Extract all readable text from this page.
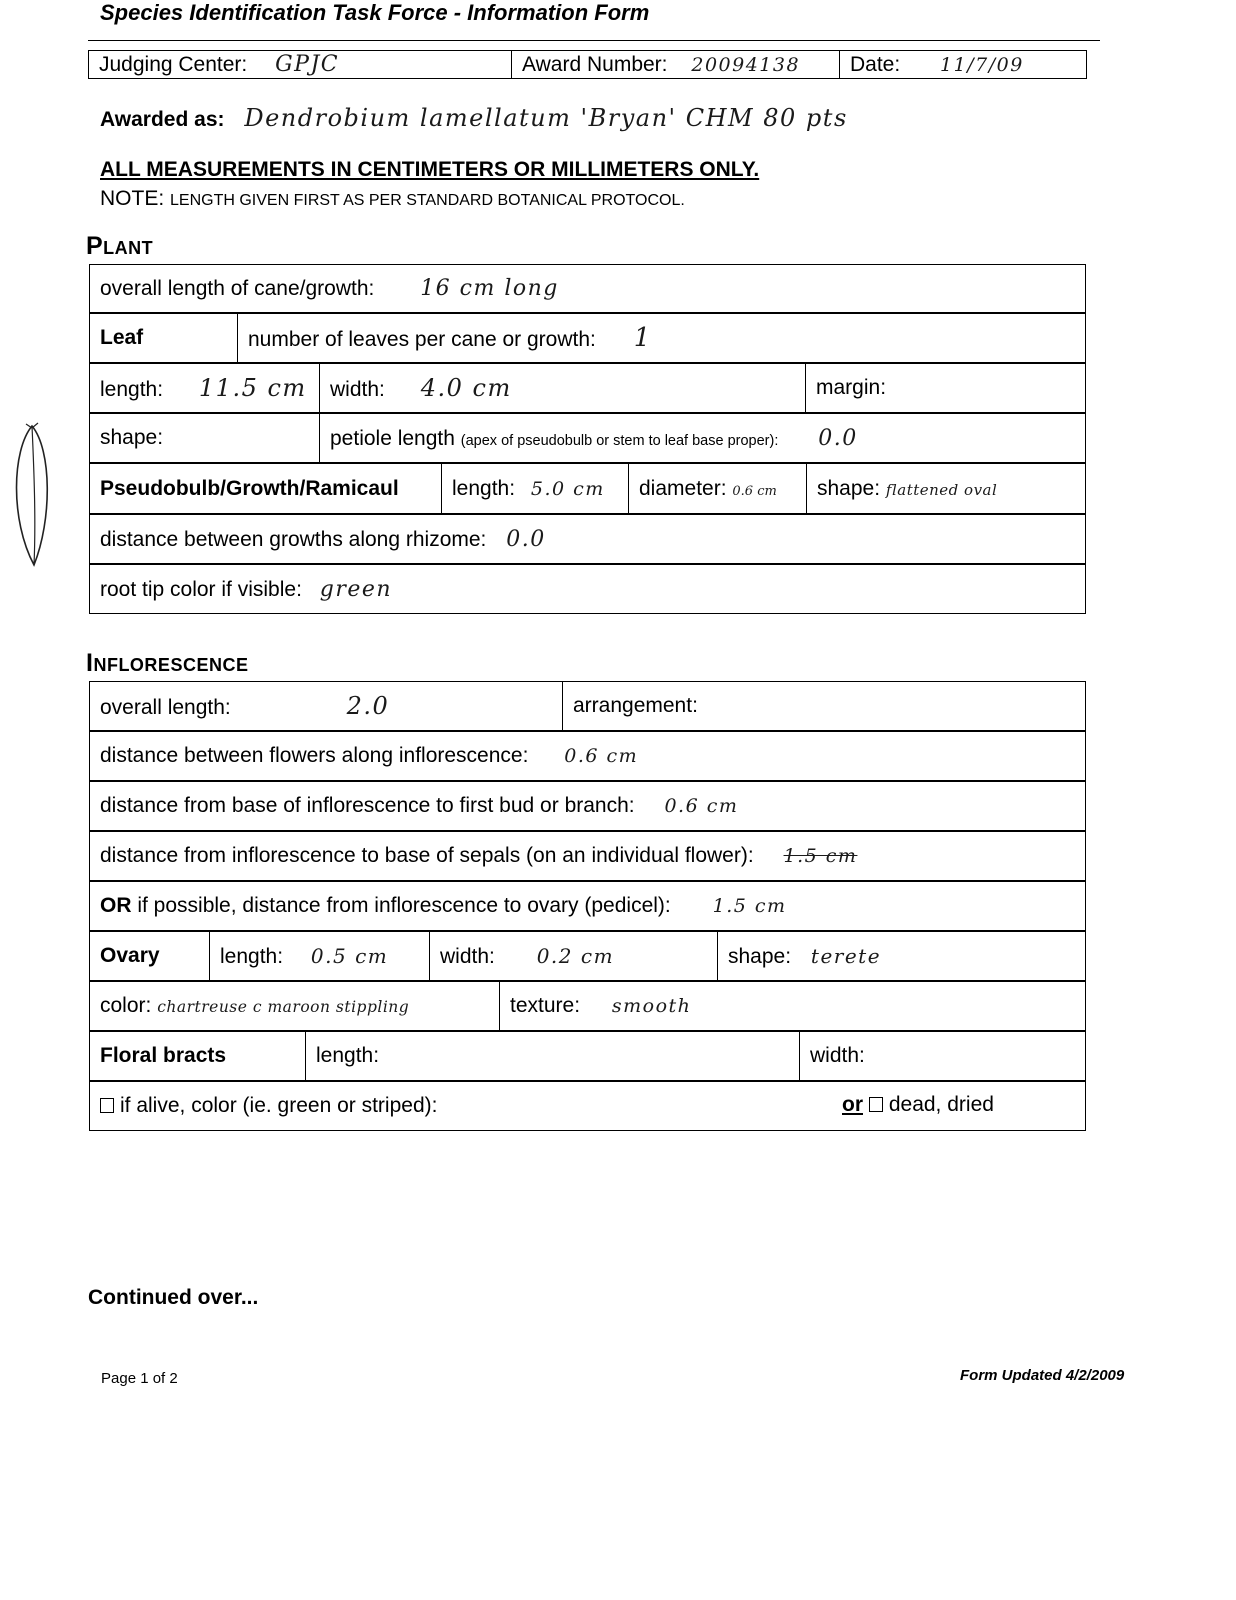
Species Identification Task Force - Information Form
Judging Center: GPJC	Award Number: 20094138	Date: 11/7/09
Awarded as: Dendrobium lamellatum 'Bryan' CHM 80 pts
ALL MEASUREMENTS IN CENTIMETERS OR MILLIMETERS ONLY.
NOTE: LENGTH GIVEN FIRST AS PER STANDARD BOTANICAL PROTOCOL.
Plant
overall length of cane/growth: 16 cm long
Leaf	number of leaves per cane or growth: 1
length: 11.5 cm	width: 4.0 cm	margin:
shape:	petiole length (apex of pseudobulb or stem to leaf base proper): 0.0
Pseudobulb/Growth/Ramicaul	length: 5.0 cm	diameter: 0.6 cm	shape: flattened oval
distance between growths along rhizome: 0.0
root tip color if visible: green
Inflorescence
overall length:	2.0	arrangement:
distance between flowers along inflorescence: 0.6 cm
distance from base of inflorescence to first bud or branch: 0.6 cm
distance from inflorescence to base of sepals (on an individual flower): 1.5 cm
OR if possible, distance from inflorescence to ovary (pedicel): 1.5 cm
Ovary	length: 0.5 cm	width: 0.2 cm	shape: terete
color: chartreuse c maroon stippling	texture: smooth
Floral bracts	length:	width:
if alive, color (ie. green or striped):	or dead, dried
Continued over...
Page 1 of 2	Form Updated 4/2/2009
